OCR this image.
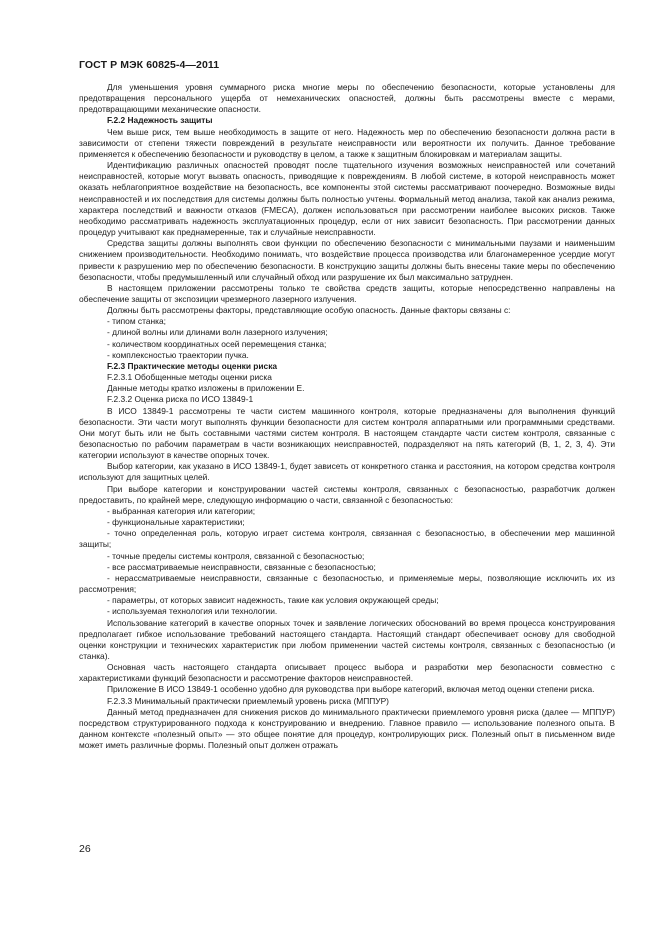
ГОСТ Р МЭК 60825-4—2011

Для уменьшения уровня суммарного риска многие меры по обеспечению безопасности, которые установлены для предотвращения персонального ущерба от немеханических опасностей, должны быть рассмотрены вместе с мерами, предотвращающими механические опасности.

F.2.2 Надежность защиты

Чем выше риск, тем выше необходимость в защите от него. Надежность мер по обеспечению безопасности должна расти в зависимости от степени тяжести повреждений в результате неисправности или вероятности их получить. Данное требование применяется к обеспечению безопасности и руководству в целом, а также к защитным блокировкам и материалам защиты.

Идентификацию различных опасностей проводят после тщательного изучения возможных неисправностей или сочетаний неисправностей, которые могут вызвать опасность, приводящие к повреждениям. В любой системе, в которой неисправность может оказать неблагоприятное воздействие на безопасность, все компоненты этой системы рассматривают поочередно. Возможные виды неисправностей и их последствия для системы должны быть полностью учтены. Формальный метод анализа, такой как анализ режима, характера последствий и важности отказов (FMECA), должен использоваться при рассмотрении наиболее высоких рисков. Также необходимо рассматривать надежность эксплуатационных процедур, если от них зависит безопасность. При рассмотрении данных процедур учитывают как преднамеренные, так и случайные неисправности.

Средства защиты должны выполнять свои функции по обеспечению безопасности с минимальными паузами и наименьшим снижением производительности. Необходимо понимать, что воздействие процесса производства или благонамеренное усердие могут привести к разрушению мер по обеспечению безопасности. В конструкцию защиты должны быть внесены такие меры по обеспечению безопасности, чтобы предумышленный или случайный обход или разрушение их был максимально затруднен.

В настоящем приложении рассмотрены только те свойства средств защиты, которые непосредственно направлены на обеспечение защиты от экспозиции чрезмерного лазерного излучения.

Должны быть рассмотрены факторы, представляющие особую опасность. Данные факторы связаны с:

- типом станка;

- длиной волны или длинами волн лазерного излучения;

- количеством координатных осей перемещения станка;

- комплексностью траектории пучка.

F.2.3 Практические методы оценки риска

F.2.3.1 Обобщенные методы оценки риска

Данные методы кратко изложены в приложении Е.

F.2.3.2 Оценка риска по ИСО 13849-1

В ИСО 13849-1 рассмотрены те части систем машинного контроля, которые предназначены для выполнения функций безопасности. Эти части могут выполнять функции безопасности для систем контроля аппаратными или программными средствами. Они могут быть или не быть составными частями систем контроля. В настоящем стандарте части систем контроля, связанные с безопасностью по рабочим параметрам в части возникающих неисправностей, подразделяют на пять категорий (В, 1, 2, 3, 4). Эти категории используют в качестве опорных точек.

Выбор категории, как указано в ИСО 13849-1, будет зависеть от конкретного станка и расстояния, на котором средства контроля используют для защитных целей.

При выборе категории и конструировании частей системы контроля, связанных с безопасностью, разработчик должен предоставить, по крайней мере, следующую информацию о части, связанной с безопасностью:

- выбранная категория или категории;

- функциональные характеристики;

- точно определенная роль, которую играет система контроля, связанная с безопасностью, в обеспечении мер машинной защиты;

- точные пределы системы контроля, связанной с безопасностью;

- все рассматриваемые неисправности, связанные с безопасностью;

- нерассматриваемые неисправности, связанные с безопасностью, и применяемые меры, позволяющие исключить их из рассмотрения;

- параметры, от которых зависит надежность, такие как условия окружающей среды;

- используемая технология или технологии.

Использование категорий в качестве опорных точек и заявление логических обоснований во время процесса конструирования предполагает гибкое использование требований настоящего стандарта. Настоящий стандарт обеспечивает основу для свободной оценки конструкции и технических характеристик при любом применении частей системы контроля, связанных с безопасностью (и станка).

Основная часть настоящего стандарта описывает процесс выбора и разработки мер безопасности совместно с характеристиками функций безопасности и рассмотрение факторов неисправностей.

Приложение В ИСО 13849-1 особенно удобно для руководства при выборе категорий, включая метод оценки степени риска.

F.2.3.3 Минимальный практически приемлемый уровень риска (МППУР)

Данный метод предназначен для снижения рисков до минимального практически приемлемого уровня риска (далее — МППУР) посредством структурированного подхода к конструированию и внедрению. Главное правило — использование полезного опыта. В данном контексте «полезный опыт» — это общее понятие для процедур, контролирующих риск. Полезный опыт в письменном виде может иметь различные формы. Полезный опыт должен отражать

26
